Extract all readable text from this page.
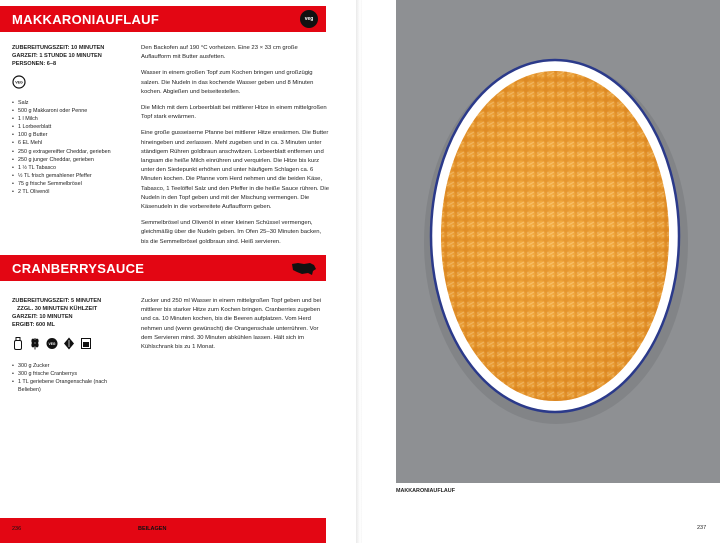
MAKKARONIAUFLAUF	veg
ZUBEREITUNGSZEIT: 10 MINUTEN
GARZEIT: 1 STUNDE 10 MINUTEN
PERSONEN: 6–8
VEG
• Salz
• 500 g Makkaroni oder Penne
• 1 l Milch
• 1 Lorbeerblatt
• 100 g Butter
• 6 EL Mehl
• 250 g extragereifter Cheddar, gerieben
• 250 g junger Cheddar, gerieben
• 1 ½ TL Tabasco
• ½ TL frisch gemahlener Pfeffer
• 75 g frische Semmelbrösel
• 2 TL Olivenöl

Den Backofen auf 190 °C vorheizen. Eine 23 × 33 cm große Auflaufform mit Butter ausfetten.

Wasser in einem großen Topf zum Kochen bringen und großzügig salzen. Die Nudeln in das kochende Wasser geben und 8 Minuten kochen. Abgießen und beiseitestellen.

Die Milch mit dem Lorbeerblatt bei mittlerer Hitze in einem mittelgroßen Topf stark erwärmen.

Eine große gusseiserne Pfanne bei mittlerer Hitze erwärmen. Die Butter hineingeben und zerlassen. Mehl zugeben und in ca. 3 Minuten unter ständigem Rühren goldbraun anschwitzen. Lorbeerblatt entfernen und langsam die heiße Milch einrühren und verquirlen. Die Hitze bis kurz unter den Siedepunkt erhöhen und unter häufigem Schlagen ca. 6 Minuten kochen. Die Pfanne vom Herd nehmen und die beiden Käse, Tabasco, 1 Teelöffel Salz und den Pfeffer in die heiße Sauce rühren. Die Nudeln in den Topf geben und mit der Mischung vermengen. Die Käsenudeln in die vorbereitete Auflaufform geben.

Semmelbrösel und Olivenöl in einer kleinen Schüssel vermengen, gleichmäßig über die Nudeln geben. Im Ofen 25–30 Minuten backen, bis die Semmelbrösel goldbraun sind. Heiß servieren.

CRANBERRYSAUCE
ZUBEREITUNGSZEIT: 5 MINUTEN
ZZGL. 30 MINUTEN KÜHLZEIT
GARZEIT: 10 MINUTEN
ERGIBT: 600 ML
VEG
• 300 g Zucker
• 300 g frische Cranberrys
• 1 TL geriebene Orangenschale (nach Belieben)

Zucker und 250 ml Wasser in einem mittelgroßen Topf geben und bei mittlerer bis starker Hitze zum Kochen bringen. Cranberries zugeben und ca. 10 Minuten kochen, bis die Beeren aufplatzen. Vom Herd nehmen und (wenn gewünscht) die Orangenschale unterrühren. Vor dem Servieren mind. 30 Minuten abkühlen lassen. Hält sich im Kühlschrank bis zu 1 Monat.

236	BEILAGEN
MAKKARONIAUFLAUF
237
